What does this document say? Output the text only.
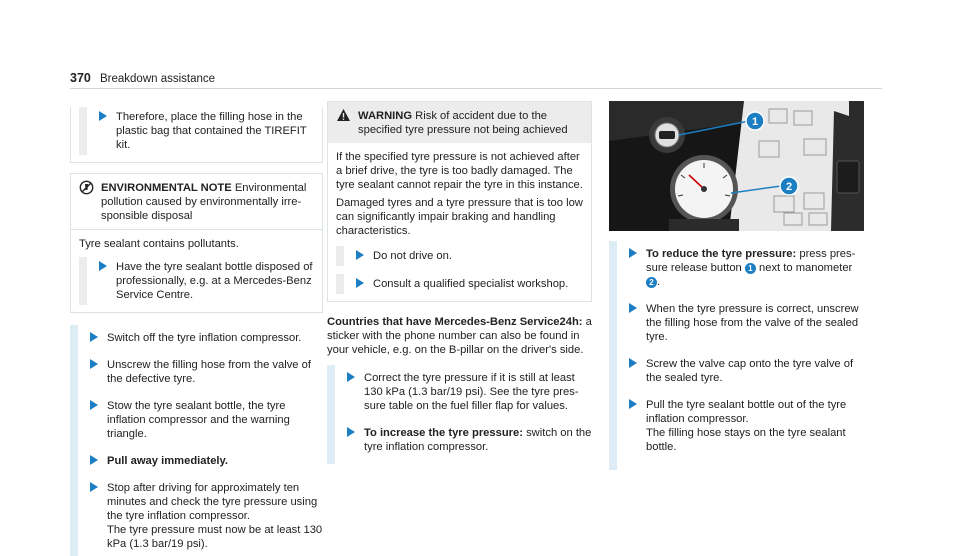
370 Breakdown assistance
Therefore, place the filling hose in the plastic bag that contained the TIREFIT kit.
ENVIRONMENTAL NOTE Environmental pollution caused by environmentally irresponsible disposal

Tyre sealant contains pollutants.

Have the tyre sealant bottle disposed of professionally, e.g. at a Mercedes-Benz Service Centre.
Switch off the tyre inflation compressor.
Unscrew the filling hose from the valve of the defective tyre.
Stow the tyre sealant bottle, the tyre inflation compressor and the warning triangle.
Pull away immediately.
Stop after driving for approximately ten minutes and check the tyre pressure using the tyre inflation compressor.
The tyre pressure must now be at least 130 kPa (1.3 bar/19 psi).
WARNING Risk of accident due to the specified tyre pressure not being achieved

If the specified tyre pressure is not achieved after a brief drive, the tyre is too badly damaged. The tyre sealant cannot repair the tyre in this instance.

Damaged tyres and a tyre pressure that is too low can significantly impair braking and handling characteristics.

Do not drive on.
Consult a qualified specialist workshop.

Countries that have Mercedes-Benz Service24h: a sticker with the phone number can also be found in your vehicle, e.g. on the B-pillar on the driver's side.

Correct the tyre pressure if it is still at least 130 kPa (1.3 bar/19 psi). See the tyre pressure table on the fuel filler flap for values.
To increase the tyre pressure: switch on the tyre inflation compressor.
1
2
To reduce the tyre pressure: press pressure release button 1 next to manometer 2 .
When the tyre pressure is correct, unscrew the filling hose from the valve of the sealed tyre.
Screw the valve cap onto the tyre valve of the sealed tyre.
Pull the tyre sealant bottle out of the tyre inflation compressor.
The filling hose stays on the tyre sealant bottle.
